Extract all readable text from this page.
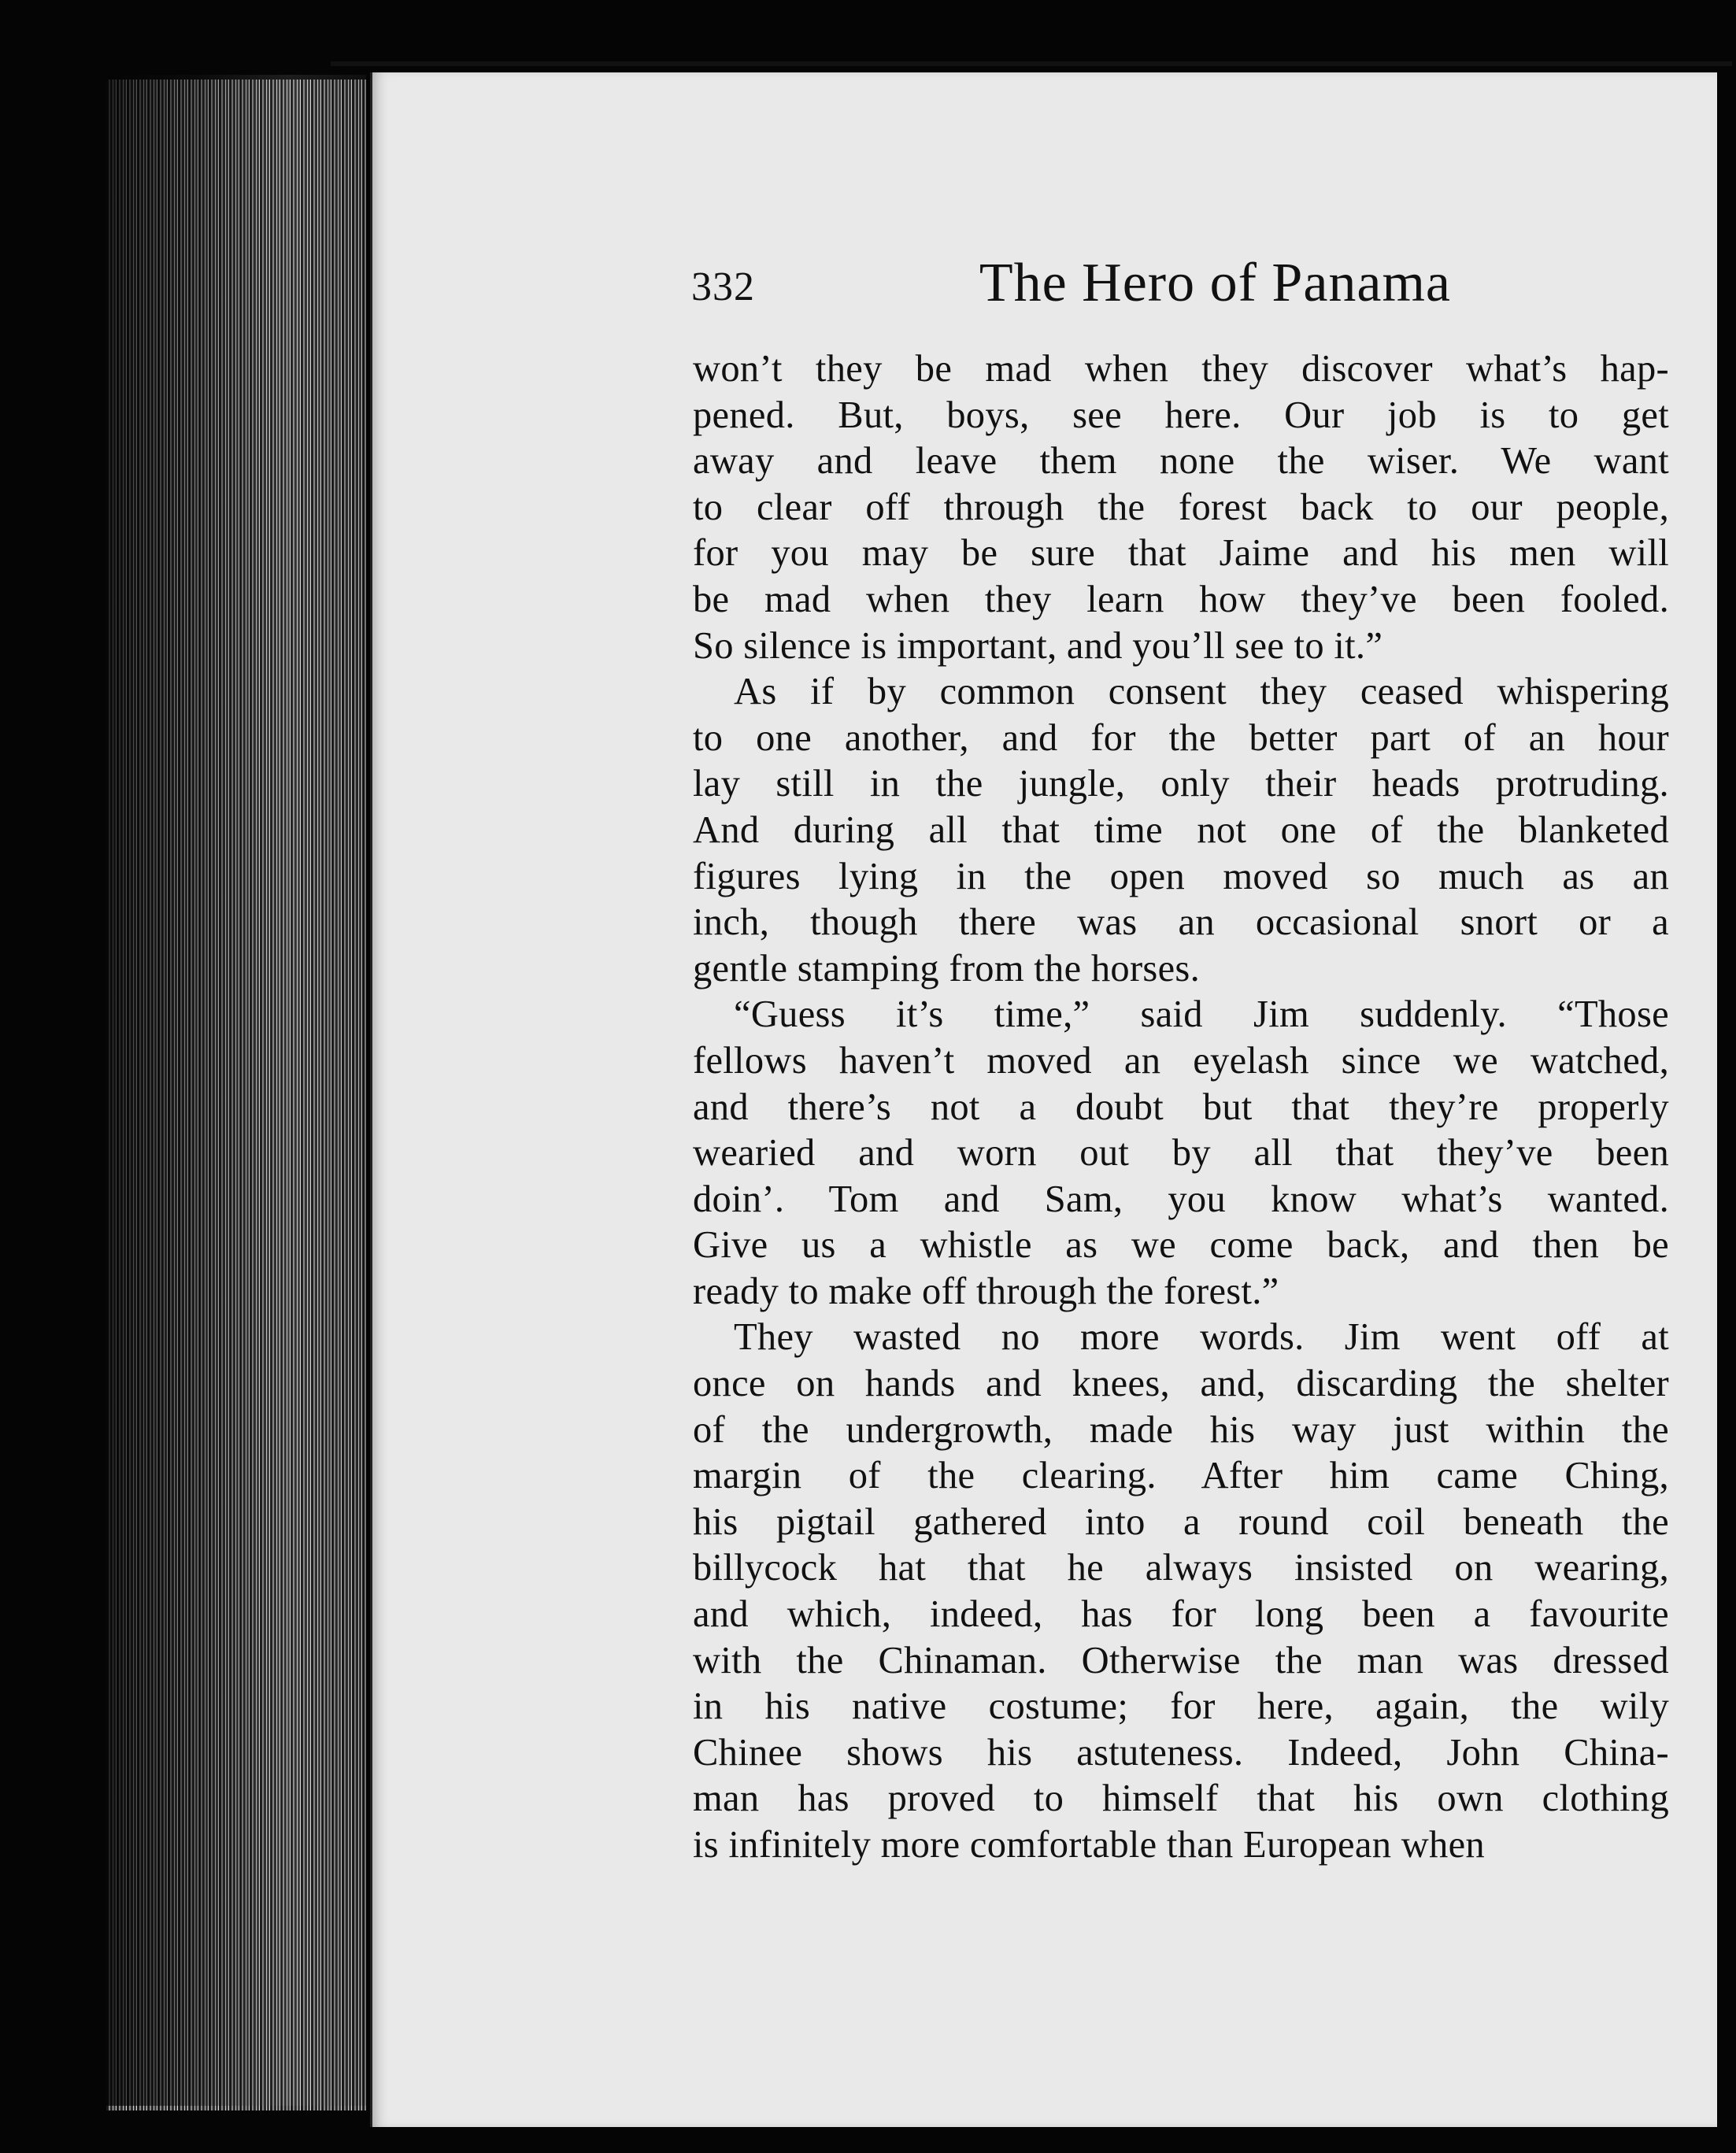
332	The Hero of Panama
won’t they be mad when they discover what’s hap-
pened. But, boys, see here. Our job is to get
away and leave them none the wiser. We want
to clear off through the forest back to our people,
for you may be sure that Jaime and his men will
be mad when they learn how they’ve been fooled.
So silence is important, and you’ll see to it.”
As if by common consent they ceased whispering
to one another, and for the better part of an hour
lay still in the jungle, only their heads protruding.
And during all that time not one of the blanketed
figures lying in the open moved so much as an
inch, though there was an occasional snort or a
gentle stamping from the horses.
“Guess it’s time,” said Jim suddenly. “Those
fellows haven’t moved an eyelash since we watched,
and there’s not a doubt but that they’re properly
wearied and worn out by all that they’ve been
doin’. Tom and Sam, you know what’s wanted.
Give us a whistle as we come back, and then be
ready to make off through the forest.”
They wasted no more words. Jim went off at
once on hands and knees, and, discarding the shelter
of the undergrowth, made his way just within the
margin of the clearing. After him came Ching,
his pigtail gathered into a round coil beneath the
billycock hat that he always insisted on wearing,
and which, indeed, has for long been a favourite
with the Chinaman. Otherwise the man was dressed
in his native costume; for here, again, the wily
Chinee shows his astuteness. Indeed, John China-
man has proved to himself that his own clothing
is infinitely more comfortable than European when
